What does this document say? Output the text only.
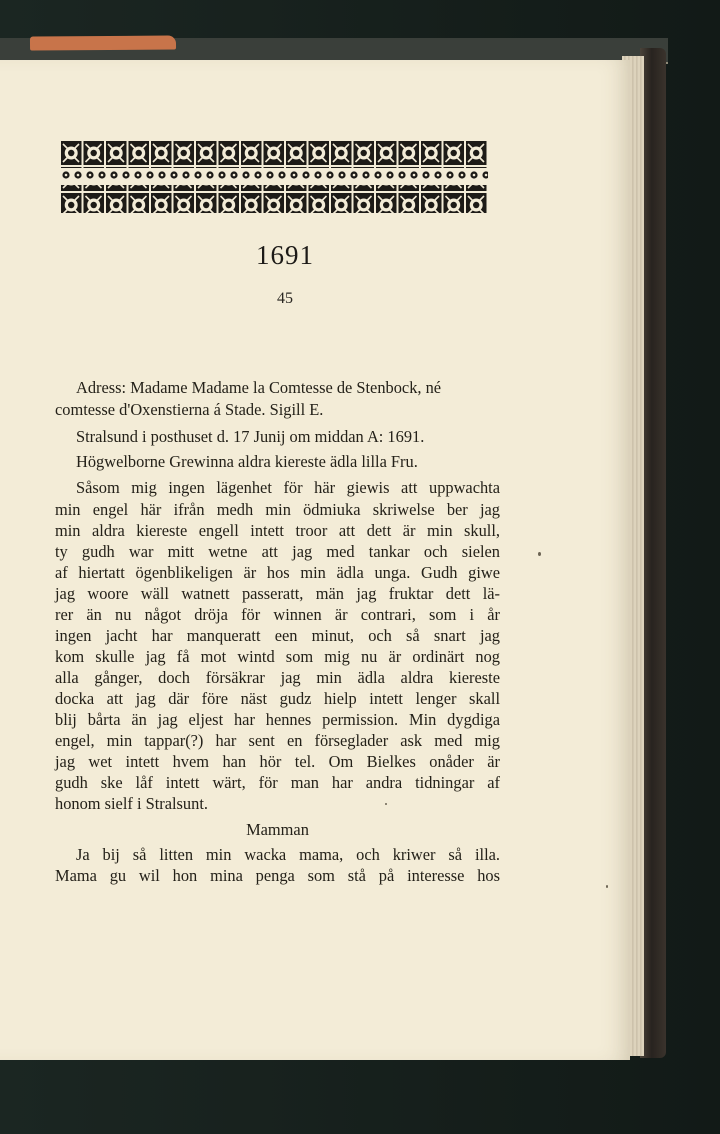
1691
45
Adress: Madame Madame la Comtesse de Stenbock, né
comtesse d'Oxenstierna á Stade. Sigill E.
Stralsund i posthuset d. 17 Junij om middan A: 1691.
Högwelborne Grewinna aldra kiereste ädla lilla Fru.
Såsom mig ingen lägenhet för här giewis att uppwachta
min engel här ifrån medh min ödmiuka skriwelse ber jag
min aldra kiereste engell intett troor att dett är min skull,
ty gudh war mitt wetne att jag med tankar och sielen
af hiertatt ögenblikeligen är hos min ädla unga. Gudh giwe
jag woore wäll watnett passeratt, män jag fruktar dett lä-
rer än nu något dröja för winnen är contrari, som i år
ingen jacht har manqueratt een minut, och så snart jag
kom skulle jag få mot wintd som mig nu är ordinärt nog
alla gånger, doch försäkrar jag min ädla aldra kiereste
docka att jag där före näst gudz hielp intett lenger skall
blij bårta än jag eljest har hennes permission. Min dygdiga
engel, min tappar(?) har sent en förseglader ask med mig
jag wet intett hvem han hör tel. Om Bielkes onåder är
gudh ske låf intett wärt, för man har andra tidningar af
honom sielf i Stralsunt.
Mamman
Ja bij så litten min wacka mama, och kriwer så illa.
Mama gu wil hon mina penga som stå på interesse hos
